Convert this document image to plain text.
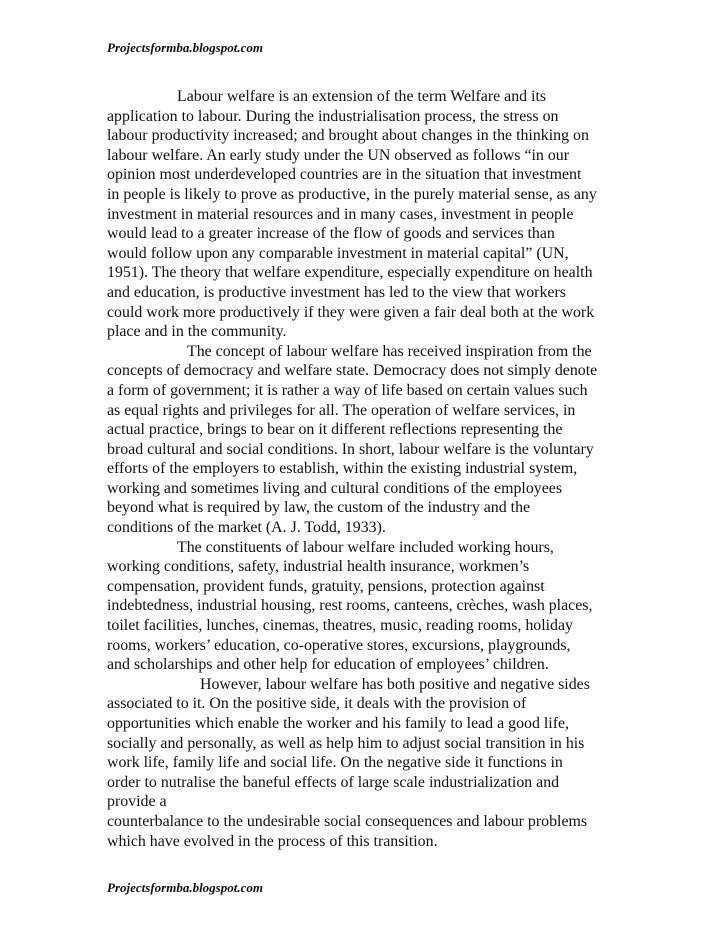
Projectsformba.blogspot.com
Labour welfare is an extension of the term Welfare and its
application to labour. During the industrialisation process, the stress on
labour productivity increased; and brought about changes in the thinking on
labour welfare. An early study under the UN observed as follows “in our
opinion most underdeveloped countries are in the situation that investment
in people is likely to prove as productive, in the purely material sense, as any
investment in material resources and in many cases, investment in people
would lead to a greater increase of the flow of goods and services than
would follow upon any comparable investment in material capital” (UN,
1951). The theory that welfare expenditure, especially expenditure on health
and education, is productive investment has led to the view that workers
could work more productively if they were given a fair deal both at the work
place and in the community.
The concept of labour welfare has received inspiration from the
concepts of democracy and welfare state. Democracy does not simply denote
a form of government; it is rather a way of life based on certain values such
as equal rights and privileges for all. The operation of welfare services, in
actual practice, brings to bear on it different reflections representing the
broad cultural and social conditions. In short, labour welfare is the voluntary
efforts of the employers to establish, within the existing industrial system,
working and sometimes living and cultural conditions of the employees
beyond what is required by law, the custom of the industry and the
conditions of the market (A. J. Todd, 1933).
The constituents of labour welfare included working hours,
working conditions, safety, industrial health insurance, workmen’s
compensation, provident funds, gratuity, pensions, protection against
indebtedness, industrial housing, rest rooms, canteens, crèches, wash places,
toilet facilities, lunches, cinemas, theatres, music, reading rooms, holiday
rooms, workers’ education, co-operative stores, excursions, playgrounds,
and scholarships and other help for education of employees’ children.
However, labour welfare has both positive and negative sides
associated to it. On the positive side, it deals with the provision of
opportunities which enable the worker and his family to lead a good life,
socially and personally, as well as help him to adjust social transition in his
work life, family life and social life. On the negative side it functions in
order to nutralise the baneful effects of large scale industrialization and
provide a
counterbalance to the undesirable social consequences and labour problems
which have evolved in the process of this transition.
Projectsformba.blogspot.com
